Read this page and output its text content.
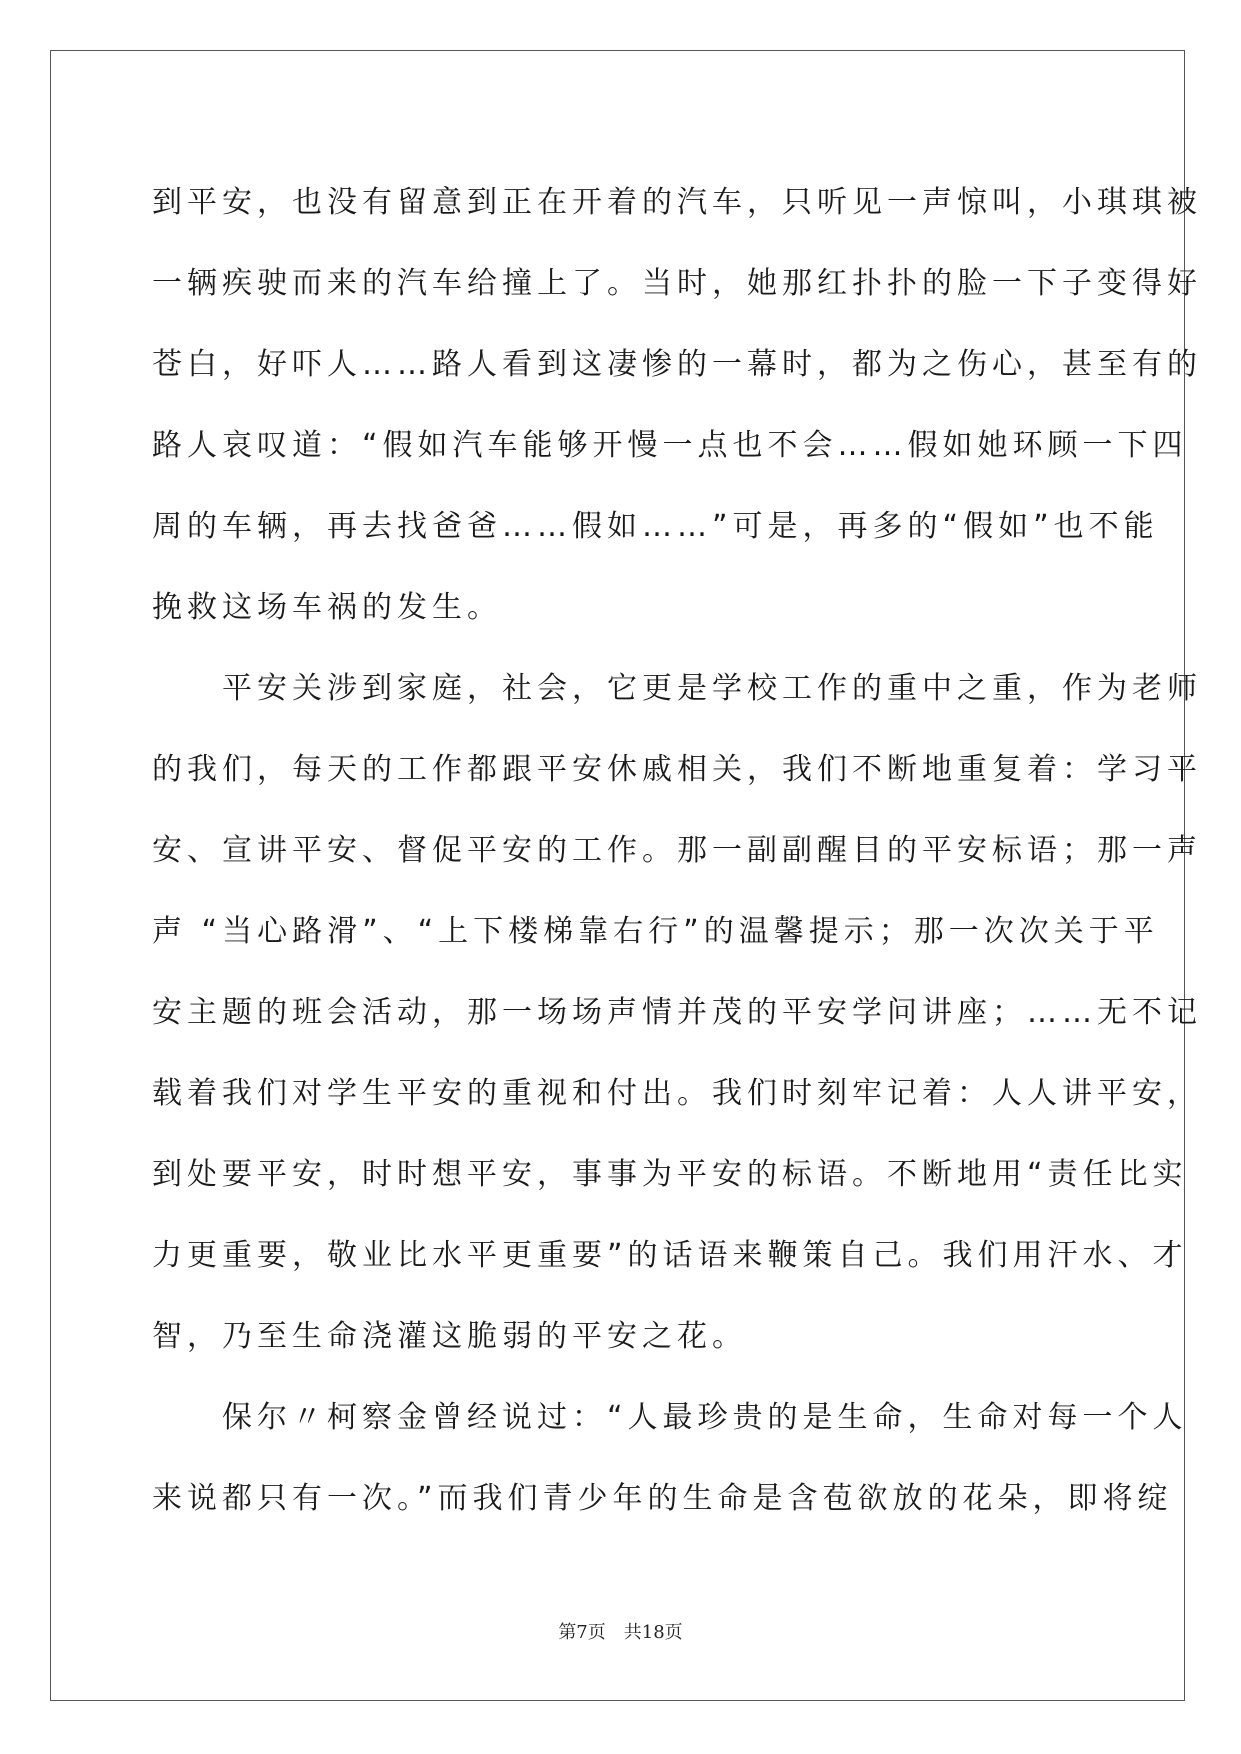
到平安，也没有留意到正在开着的汽车，只听见一声惊叫，小琪琪被
一辆疾驶而来的汽车给撞上了。当时，她那红扑扑的脸一下子变得好
苍白，好吓人……路人看到这凄惨的一幕时，都为之伤心，甚至有的
路人哀叹道：“假如汽车能够开慢一点也不会……假如她环顾一下四
周的车辆，再去找爸爸……假如……”可是，再多的“假如”也不能
挽救这场车祸的发生。
　　平安关涉到家庭，社会，它更是学校工作的重中之重，作为老师
的我们，每天的工作都跟平安休戚相关，我们不断地重复着：学习平
安、宣讲平安、督促平安的工作。那一副副醒目的平安标语；那一声
声 “当心路滑”、“上下楼梯靠右行”的温馨提示；那一次次关于平
安主题的班会活动，那一场场声情并茂的平安学问讲座；……无不记
载着我们对学生平安的重视和付出。我们时刻牢记着：人人讲平安，
到处要平安，时时想平安，事事为平安的标语。不断地用“责任比实
力更重要，敬业比水平更重要”的话语来鞭策自己。我们用汗水、才
智，乃至生命浇灌这脆弱的平安之花。
　　保尔〃柯察金曾经说过：“人最珍贵的是生命，生命对每一个人
来说都只有一次。”而我们青少年的生命是含苞欲放的花朵，即将绽
第7页　共18页
